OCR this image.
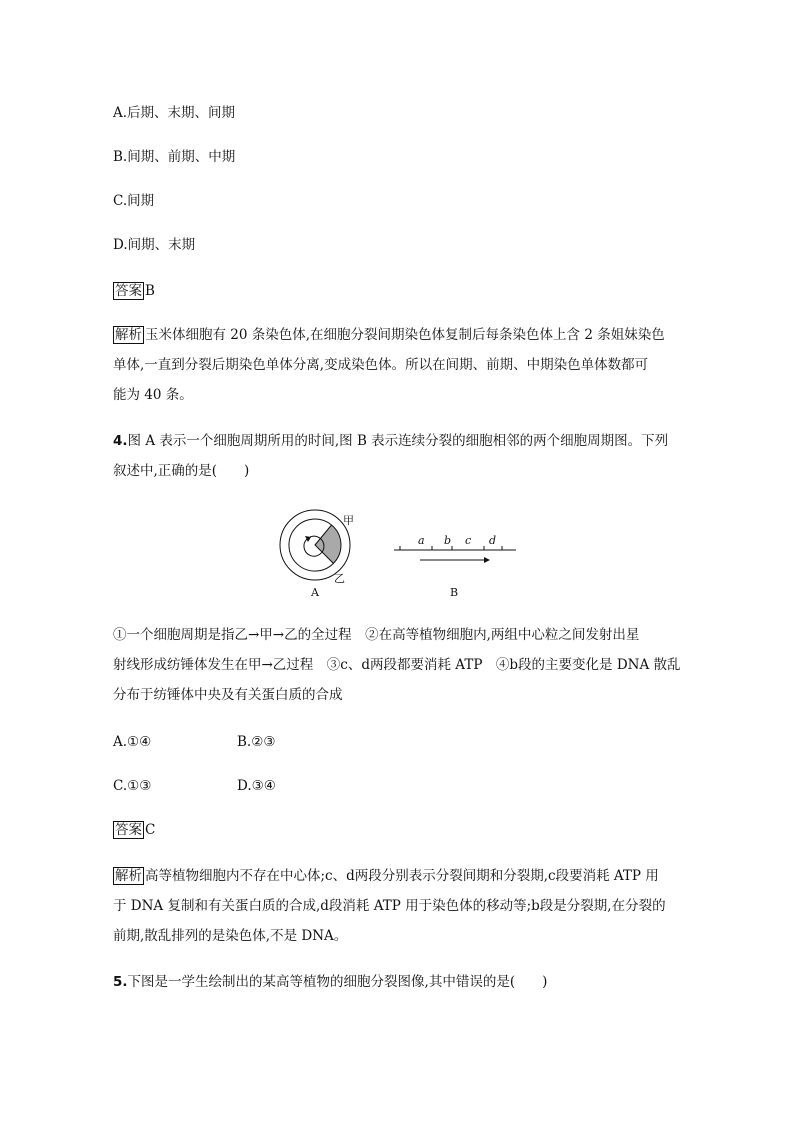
A.后期、末期、间期
B.间期、前期、中期
C.间期
D.间期、末期
答案 B
解析 玉米体细胞有 20 条染色体,在细胞分裂间期染色体复制后每条染色体上含 2 条姐妹染色
单体,一直到分裂后期染色单体分离,变成染色体。所以在间期、前期、中期染色单体数都可
能为 40 条。
4.图 A 表示一个细胞周期所用的时间,图 B 表示连续分裂的细胞相邻的两个细胞周期图。下列
叙述中,正确的是(　　)
甲
乙
A
a b c d
B
①一个细胞周期是指乙→甲→乙的全过程　②在高等植物细胞内,两组中心粒之间发射出星
射线形成纺锤体发生在甲→乙过程　③c、d两段都要消耗 ATP　④b段的主要变化是 DNA 散乱
分布于纺锤体中央及有关蛋白质的合成
A.①④	B.②③
C.①③	D.③④
答案 C
解析 高等植物细胞内不存在中心体;c、d两段分别表示分裂间期和分裂期,c段要消耗 ATP 用
于 DNA 复制和有关蛋白质的合成,d段消耗 ATP 用于染色体的移动等;b段是分裂期,在分裂的
前期,散乱排列的是染色体,不是 DNA。
5.下图是一学生绘制出的某高等植物的细胞分裂图像,其中错误的是(　　)
